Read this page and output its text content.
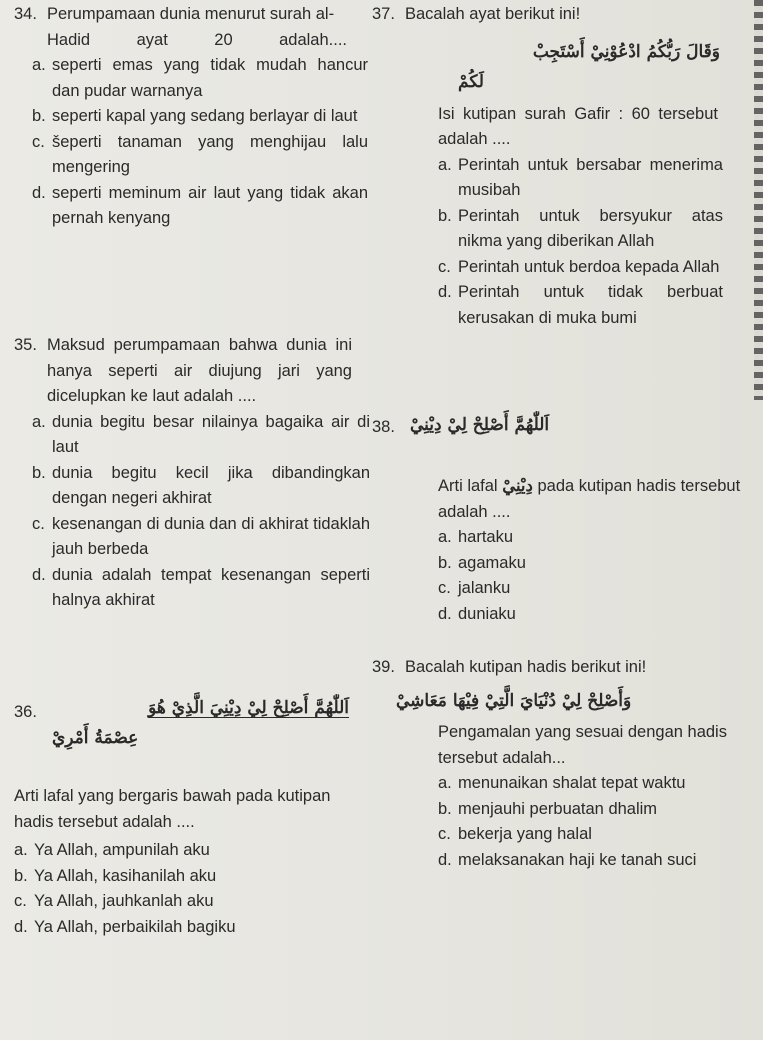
34. Perumpamaan dunia menurut surah al-Hadid ayat 20 adalah....
a. seperti emas yang tidak mudah hancur dan pudar warnanya
b. seperti kapal yang sedang berlayar di laut
c. šeperti tanaman yang menghijau lalu mengering
d. seperti meminum air laut yang tidak akan pernah kenyang
35. Maksud perumpamaan bahwa dunia ini hanya seperti air diujung jari yang dicelupkan ke laut adalah ....
a. dunia begitu besar nilainya bagaika air di laut
b. dunia begitu kecil jika dibandingkan dengan negeri akhirat
c. kesenangan di dunia dan di akhirat tidaklah jauh berbeda
d. dunia adalah tempat kesenangan seperti halnya akhirat
36.	اَللّٰهُمَّ أَصْلِحْ لِيْ دِيْنِيَ الَّذِيْ هُوَ
عِصْمَةُ أَمْرِيْ
Arti lafal yang bergaris bawah pada kutipan hadis tersebut adalah ....
a. Ya Allah, ampunilah aku
b. Ya Allah, kasihanilah aku
c. Ya Allah, jauhkanlah aku
d. Ya Allah, perbaikilah bagiku
37. Bacalah ayat berikut ini!
وَقَالَ رَبُّكُمُ ادْعُوْنِيْ أَسْتَجِبْ
لَكُمْ
Isi kutipan surah Gafir : 60 tersebut adalah ....
a. Perintah untuk bersabar menerima musibah
b. Perintah untuk bersyukur atas nikma yang diberikan Allah
c. Perintah untuk berdoa kepada Allah
d. Perintah untuk tidak berbuat kerusakan di muka bumi
38. اَللّٰهُمَّ أَصْلِحْ لِيْ دِيْنِيْ
Arti lafal دِيْنِيْ pada kutipan hadis tersebut adalah ....
a. hartaku
b. agamaku
c. jalanku
d. duniaku
39. Bacalah kutipan hadis berikut ini!
وَأَصْلِحْ لِيْ دُنْيَايَ الَّتِيْ فِيْهَا مَعَاشِيْ
Pengamalan yang sesuai dengan hadis tersebut adalah...
a. menunaikan shalat tepat waktu
b. menjauhi perbuatan dhalim
c. bekerja yang halal
d. melaksanakan haji ke tanah suci
